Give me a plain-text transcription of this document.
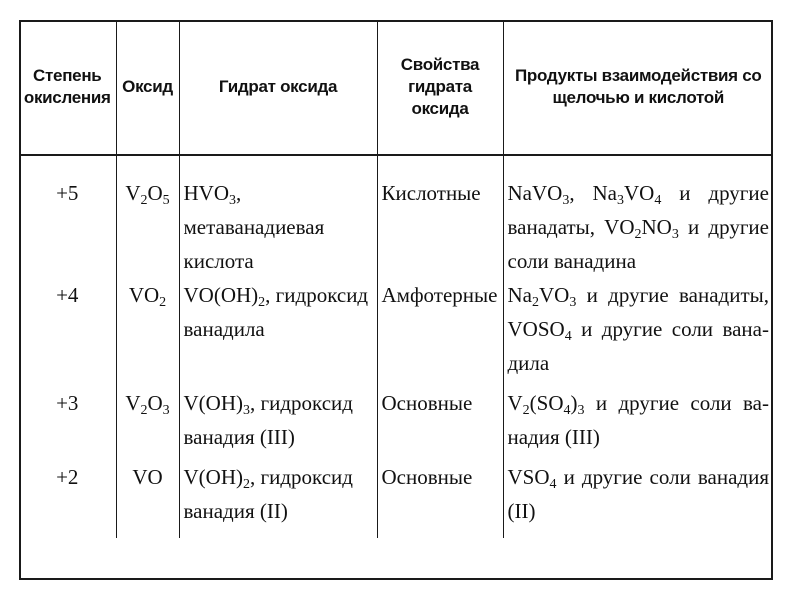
Степень окисления	Оксид	Гидрат оксида	Свойства гидрата оксида	Продукты взаимодействия со щелочью и кислотой
+5	$V_2O_5$	$HVO_3$, метаванадиевая кислота	Кислотные	NaVO$_3$, $Na_3VO_4$ и другие ванадаты, $VO_2NO_3$ и другие соли ванадина
+4	$VO_2$	$VO(OH)_2$, гидроксид ванадила	Амфотерные	$Na_2VO_3$ и другие ванадиты, $VOSO_4$ и другие соли ванадила
+3	$V_2O_3$	$V(OH)_3$, гидроксид ванадия (III)	Основные	$V_2(SO_4)_3$ и другие соли ванадия (III)
+2	VO	$V(OH)_2$, гидроксид ванадия (II)	Основные	$VSO_4$ и другие соли ванадия (II)
